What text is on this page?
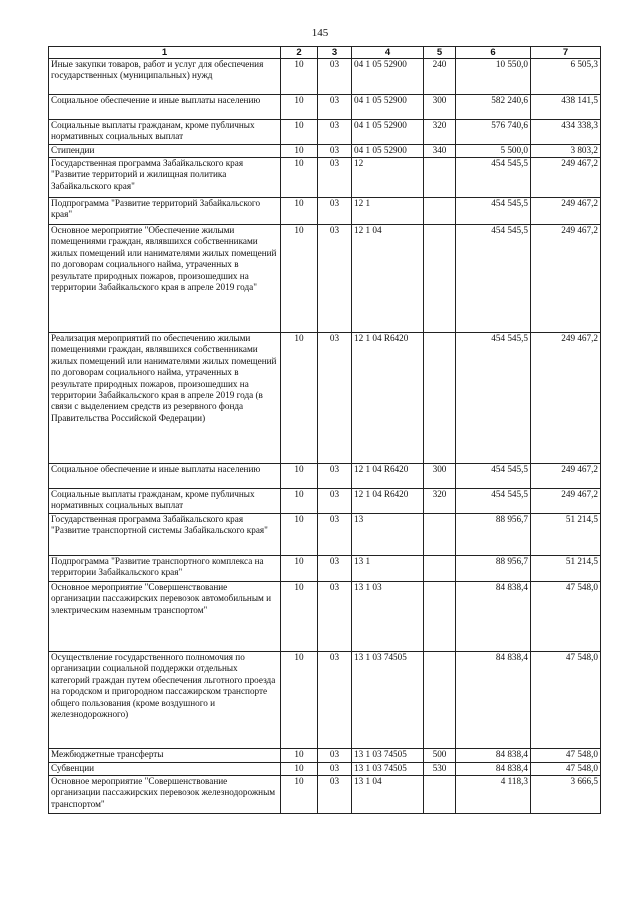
145
1	2	3	4	5	6	7
Иные закупки товаров, работ и услуг для обеспечения государственных (муниципальных) нужд	10	03	04 1 05 52900	240	10 550,0	6 505,3
Социальное обеспечение и иные выплаты населению	10	03	04 1 05 52900	300	582 240,6	438 141,5
Социальные выплаты гражданам, кроме публичных нормативных социальных выплат	10	03	04 1 05 52900	320	576 740,6	434 338,3
Стипендии	10	03	04 1 05 52900	340	5 500,0	3 803,2
Государственная программа Забайкальского края "Развитие территорий и жилищная политика Забайкальского края"	10	03	12		454 545,5	249 467,2
Подпрограмма "Развитие территорий Забайкальского края"	10	03	12 1		454 545,5	249 467,2
Основное мероприятие "Обеспечение жилыми помещениями граждан, являвшихся собственниками жилых помещений или нанимателями жилых помещений по договорам социального найма, утраченных в результате природных пожаров, произошедших на территории Забайкальского края в апреле 2019 года"	10	03	12 1 04		454 545,5	249 467,2
Реализация мероприятий по обеспечению жилыми помещениями граждан, являвшихся собственниками жилых помещений или нанимателями жилых помещений по договорам социального найма, утраченных в результате природных пожаров, произошедших на территории Забайкальского края в апреле 2019 года (в связи с выделением средств из резервного фонда Правительства Российской Федерации)	10	03	12 1 04 R6420		454 545,5	249 467,2
Социальное обеспечение и иные выплаты населению	10	03	12 1 04 R6420	300	454 545,5	249 467,2
Социальные выплаты гражданам, кроме публичных нормативных социальных выплат	10	03	12 1 04 R6420	320	454 545,5	249 467,2
Государственная программа Забайкальского края "Развитие транспортной системы Забайкальского края"	10	03	13		88 956,7	51 214,5
Подпрограмма "Развитие транспортного комплекса на территории Забайкальского края"	10	03	13 1		88 956,7	51 214,5
Основное мероприятие "Совершенствование организации пассажирских перевозок автомобильным и электрическим наземным транспортом"	10	03	13 1 03		84 838,4	47 548,0
Осуществление государственного полномочия по организации социальной поддержки отдельных категорий граждан путем обеспечения льготного проезда на городском и пригородном пассажирском транспорте общего пользования (кроме воздушного и железнодорожного)	10	03	13 1 03 74505		84 838,4	47 548,0
Межбюджетные трансферты	10	03	13 1 03 74505	500	84 838,4	47 548,0
Субвенции	10	03	13 1 03 74505	530	84 838,4	47 548,0
Основное мероприятие "Совершенствование организации пассажирских перевозок железнодорожным транспортом"	10	03	13 1 04		4 118,3	3 666,5
